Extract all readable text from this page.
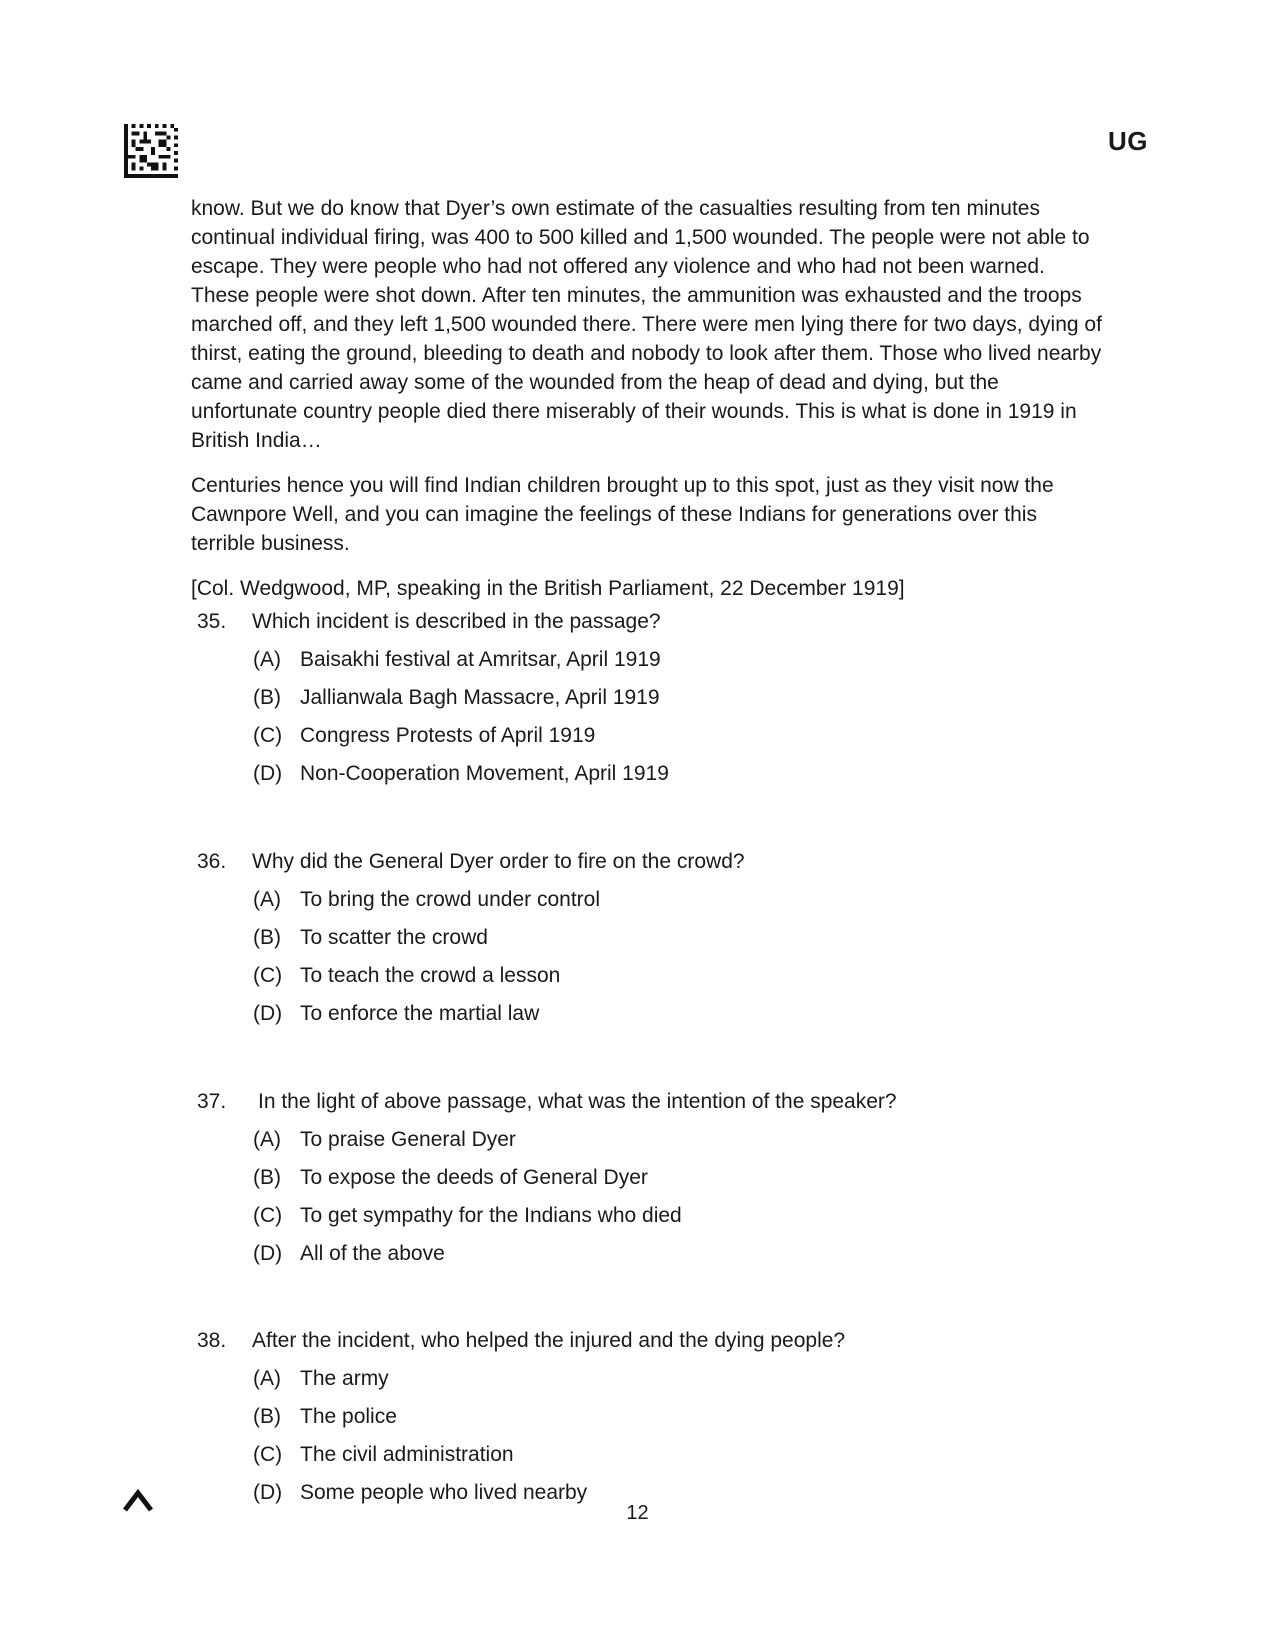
UG

know. But we do know that Dyer’s own estimate of the casualties resulting from ten minutes continual individual firing, was 400 to 500 killed and 1,500 wounded. The people were not able to escape. They were people who had not offered any violence and who had not been warned. These people were shot down. After ten minutes, the ammunition was exhausted and the troops marched off, and they left 1,500 wounded there. There were men lying there for two days, dying of thirst, eating the ground, bleeding to death and nobody to look after them. Those who lived nearby came and carried away some of the wounded from the heap of dead and dying, but the unfortunate country people died there miserably of their wounds. This is what is done in 1919 in British India…

Centuries hence you will find Indian children brought up to this spot, just as they visit now the Cawnpore Well, and you can imagine the feelings of these Indians for generations over this terrible business.

[Col. Wedgwood, MP, speaking in the British Parliament, 22 December 1919]

35. Which incident is described in the passage?
(A) Baisakhi festival at Amritsar, April 1919
(B) Jallianwala Bagh Massacre, April 1919
(C) Congress Protests of April 1919
(D) Non-Cooperation Movement, April 1919
36. Why did the General Dyer order to fire on the crowd?
(A) To bring the crowd under control
(B) To scatter the crowd
(C) To teach the crowd a lesson
(D) To enforce the martial law
37. In the light of above passage, what was the intention of the speaker?
(A) To praise General Dyer
(B) To expose the deeds of General Dyer
(C) To get sympathy for the Indians who died
(D) All of the above
38. After the incident, who helped the injured and the dying people?
(A) The army
(B) The police
(C) The civil administration
(D) Some people who lived nearby
12
